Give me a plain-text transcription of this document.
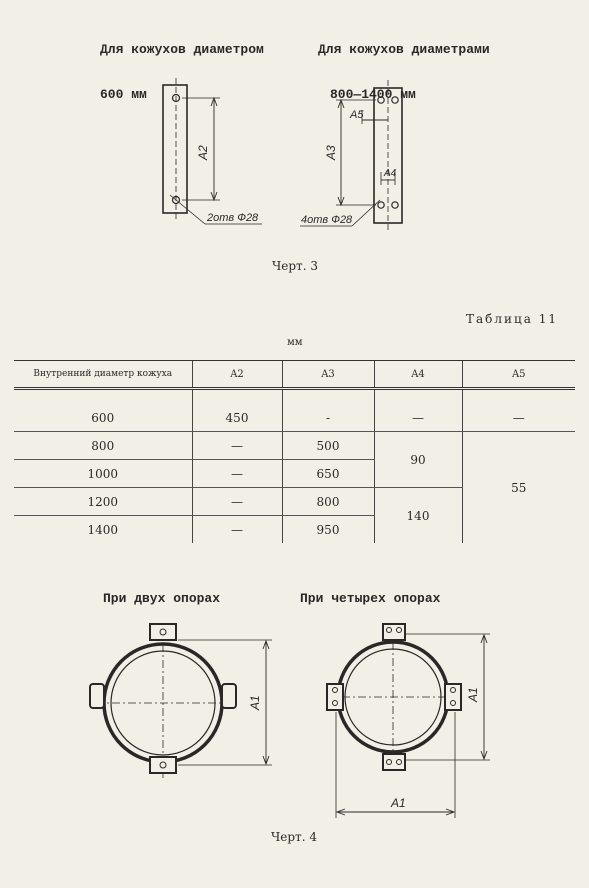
Для кожухов диаметром

600 мм

Для кожухов диаметрами

800—1400 мм

A2	A3
A5
A4
2отв Ф28	4отв Ф28
Черт. 3
Таблица 11
мм
Внутренний диаметр кожуха	A2	A3	A4	A5

600	450	-	—	—
800	—	500	90	55
1000	—	650		
1200	—	800	140	
1400	—	950		
При двух опорах	При четырех опорах
A1
A1
A1
Черт. 4
